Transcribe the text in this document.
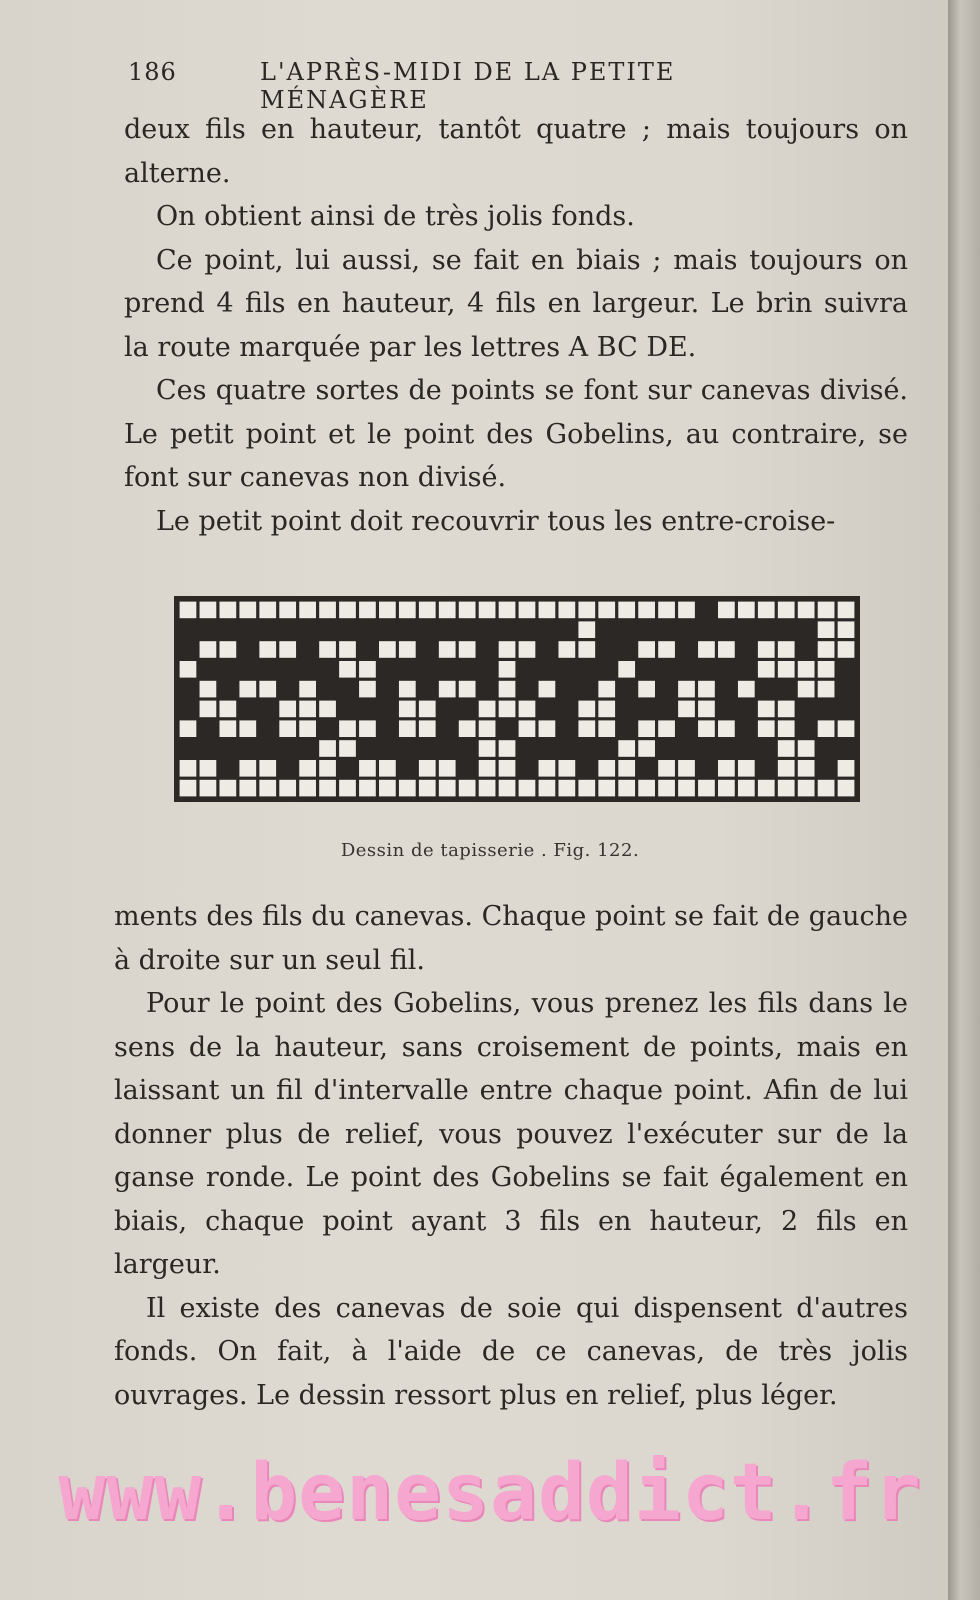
186	L'APRÈS-MIDI DE LA PETITE MÉNAGÈRE

deux fils en hauteur, tantôt quatre ; mais toujours on alterne.

On obtient ainsi de très jolis fonds.

Ce point, lui aussi, se fait en biais ; mais toujours on prend 4 fils en hauteur, 4 fils en largeur. Le brin suivra la route marquée par les lettres A BC DE.

Ces quatre sortes de points se font sur canevas divisé. Le petit point et le point des Gobelins, au contraire, se font sur canevas non divisé.

Le petit point doit recouvrir tous les entre-croise-

Dessin de tapisserie . Fig. 122.

ments des fils du canevas. Chaque point se fait de gauche à droite sur un seul fil.

Pour le point des Gobelins, vous prenez les fils dans le sens de la hauteur, sans croisement de points, mais en laissant un fil d'intervalle entre chaque point. Afin de lui donner plus de relief, vous pouvez l'exécuter sur de la ganse ronde. Le point des Gobelins se fait également en biais, chaque point ayant 3 fils en hauteur, 2 fils en largeur.

Il existe des canevas de soie qui dispensent d'autres fonds. On fait, à l'aide de ce canevas, de très jolis ouvrages. Le dessin ressort plus en relief, plus léger.

www.benesaddict.fr
